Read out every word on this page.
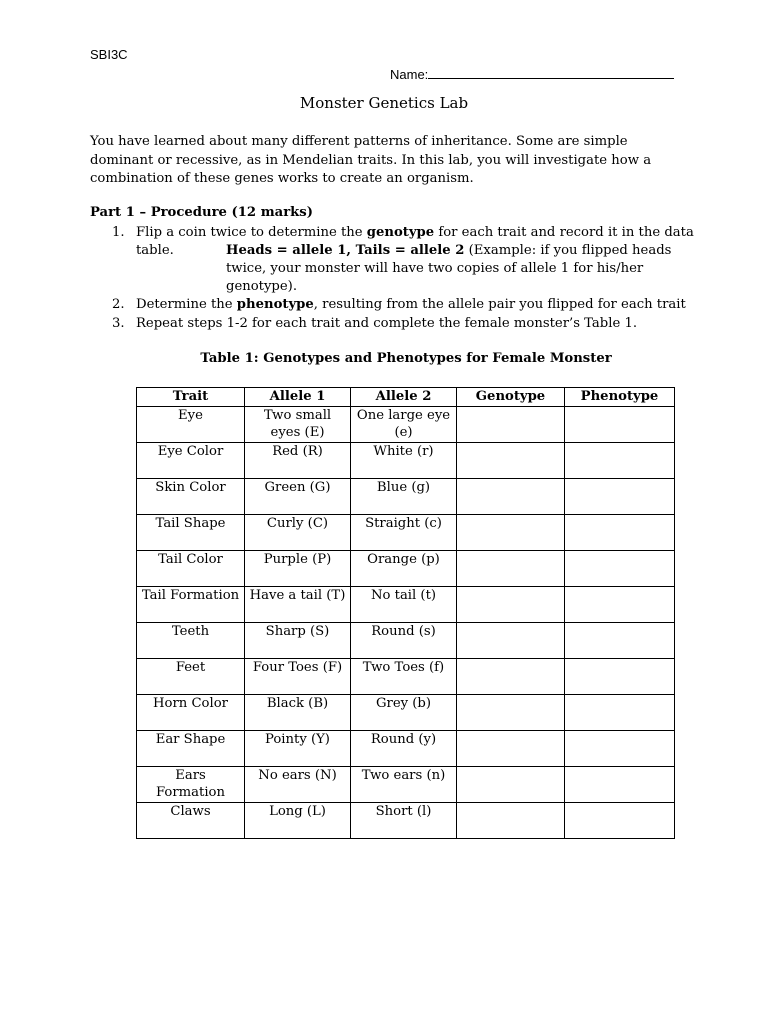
SBI3C
Name:
Monster Genetics Lab
You have learned about many different patterns of inheritance. Some are simple dominant or recessive, as in Mendelian traits. In this lab, you will investigate how a combination of these genes works to create an organism.
Part 1 – Procedure (12 marks)
1. Flip a coin twice to determine the genotype for each trait and record it in the data
table.	Heads = allele 1, Tails = allele 2 (Example: if you flipped heads
twice, your monster will have two copies of allele 1 for his/her
genotype).
2. Determine the phenotype, resulting from the allele pair you flipped for each trait
3. Repeat steps 1-2 for each trait and complete the female monster’s Table 1.
Table 1: Genotypes and Phenotypes for Female Monster
Trait	Allele 1	Allele 2	Genotype	Phenotype
Eye	Two small eyes (E)	One large eye (e)		
Eye Color	Red (R)	White (r)		
Skin Color	Green (G)	Blue (g)		
Tail Shape	Curly (C)	Straight (c)		
Tail Color	Purple (P)	Orange (p)		
Tail Formation	Have a tail (T)	No tail (t)		
Teeth	Sharp (S)	Round (s)		
Feet	Four Toes (F)	Two Toes (f)		
Horn Color	Black (B)	Grey (b)		
Ear Shape	Pointy (Y)	Round (y)		
Ears Formation	No ears (N)	Two ears (n)		
Claws	Long (L)	Short (l)		
